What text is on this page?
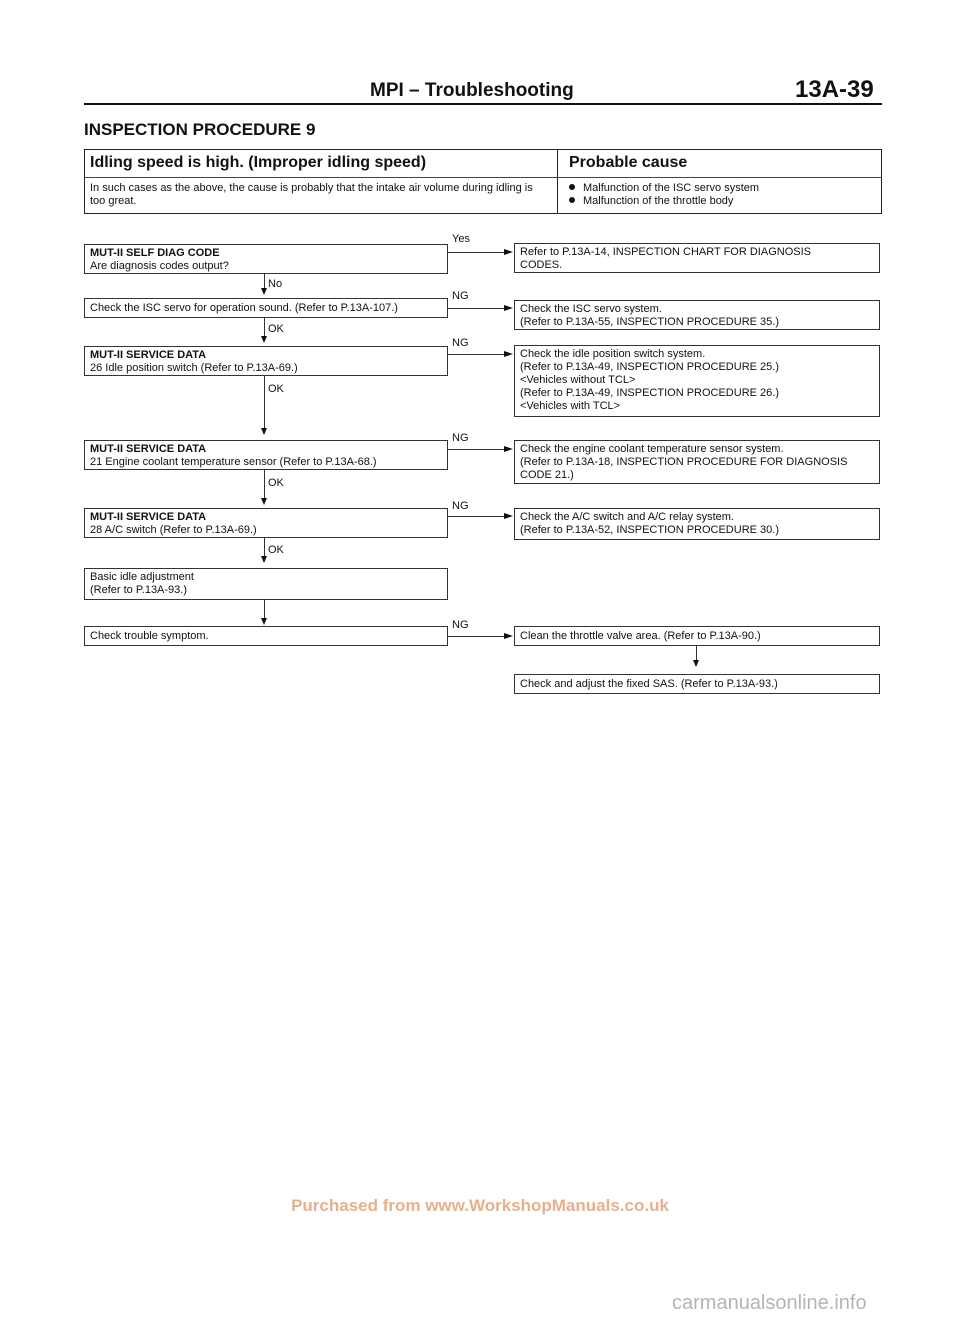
MPI – Troubleshooting	13A-39
INSPECTION PROCEDURE 9
Idling speed is high. (Improper idling speed)	Probable cause
In such cases as the above, the cause is probably that the intake air volume during idling is too great.
Malfunction of the ISC servo system
Malfunction of the throttle body
MUT-II SELF DIAG CODE
Are diagnosis codes output?
Yes
Refer to P.13A-14, INSPECTION CHART FOR DIAGNOSIS
CODES.
No
Check the ISC servo for operation sound. (Refer to P.13A-107.)
NG
Check the ISC servo system.
(Refer to P.13A-55, INSPECTION PROCEDURE 35.)
OK
MUT-II SERVICE DATA
26 Idle position switch (Refer to P.13A-69.)
NG
Check the idle position switch system.
(Refer to P.13A-49, INSPECTION PROCEDURE 25.)
<Vehicles without TCL>
(Refer to P.13A-49, INSPECTION PROCEDURE 26.)
<Vehicles with TCL>
OK
MUT-II SERVICE DATA
21 Engine coolant temperature sensor (Refer to P.13A-68.)
NG
Check the engine coolant temperature sensor system.
(Refer to P.13A-18, INSPECTION PROCEDURE FOR DIAGNOSIS
CODE 21.)
OK
MUT-II SERVICE DATA
28 A/C switch (Refer to P.13A-69.)
NG
Check the A/C switch and A/C relay system.
(Refer to P.13A-52, INSPECTION PROCEDURE 30.)
OK
Basic idle adjustment
(Refer to P.13A-93.)
Check trouble symptom.
NG
Clean the throttle valve area. (Refer to P.13A-90.)
Check and adjust the fixed SAS. (Refer to P.13A-93.)
Purchased from www.WorkshopManuals.co.uk
carmanualsonline.info
